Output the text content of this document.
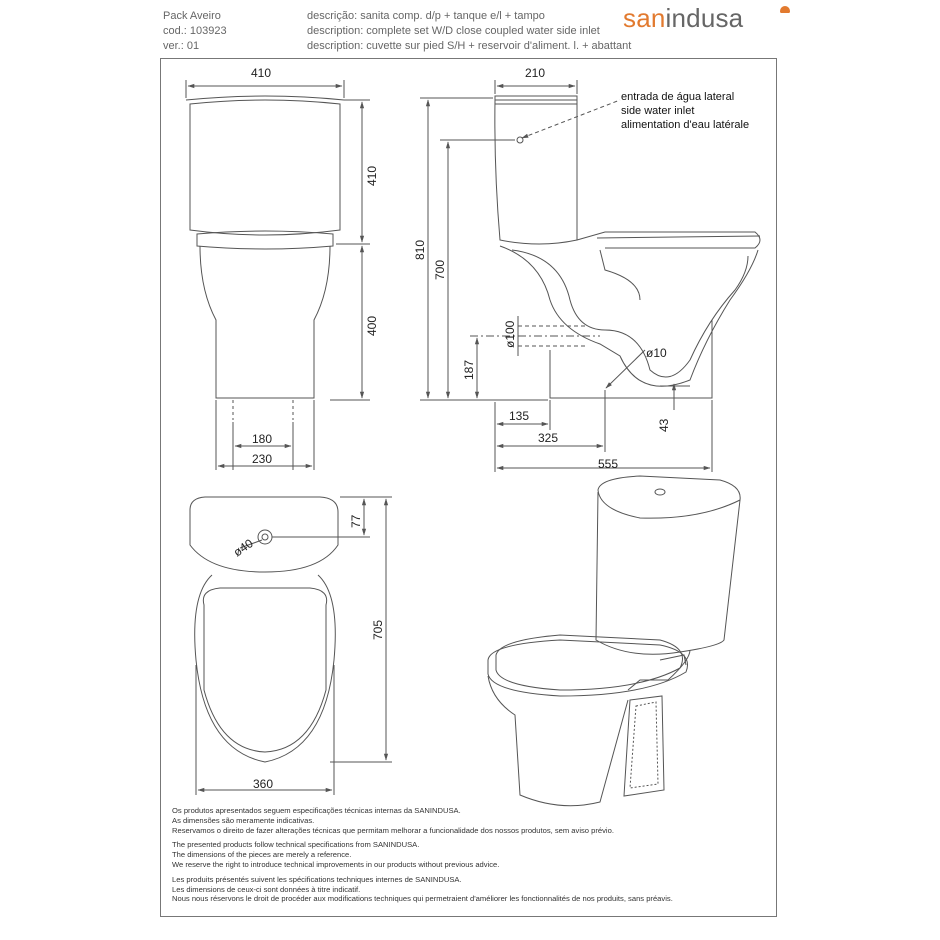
Pack Aveiro
cod.: 103923
ver.: 01
descrição: sanita comp. d/p + tanque e/l + tampo
description: complete set W/D close coupled water side inlet
description: cuvette sur pied S/H + reservoir d'aliment. l. + abattant
sanindusa
410
410
400
180
230
210
810
700
ø100
187
ø10
135
325
43
555
ø40
77
705
360
entrada de água lateral
side water inlet
alimentation d'eau latérale

Os produtos apresentados seguem especificações técnicas internas da SANINDUSA.
As dimensões são meramente indicativas.
Reservamos o direito de fazer alterações técnicas que permitam melhorar a funcionalidade dos nossos produtos, sem aviso prévio.

The presented products follow technical specifications from SANINDUSA.
The dimensions of the pieces are merely a reference.
We reserve the right to introduce technical improvements in our products without previous advice.

Les produits présentés suivent les spécifications techniques internes de SANINDUSA.
Les dimensions de ceux-ci sont données à titre indicatif.
Nous nous réservons le droit de procéder aux modifications techniques qui permetraient d'améliorer les fonctionnalités de nos produits, sans préavis.
